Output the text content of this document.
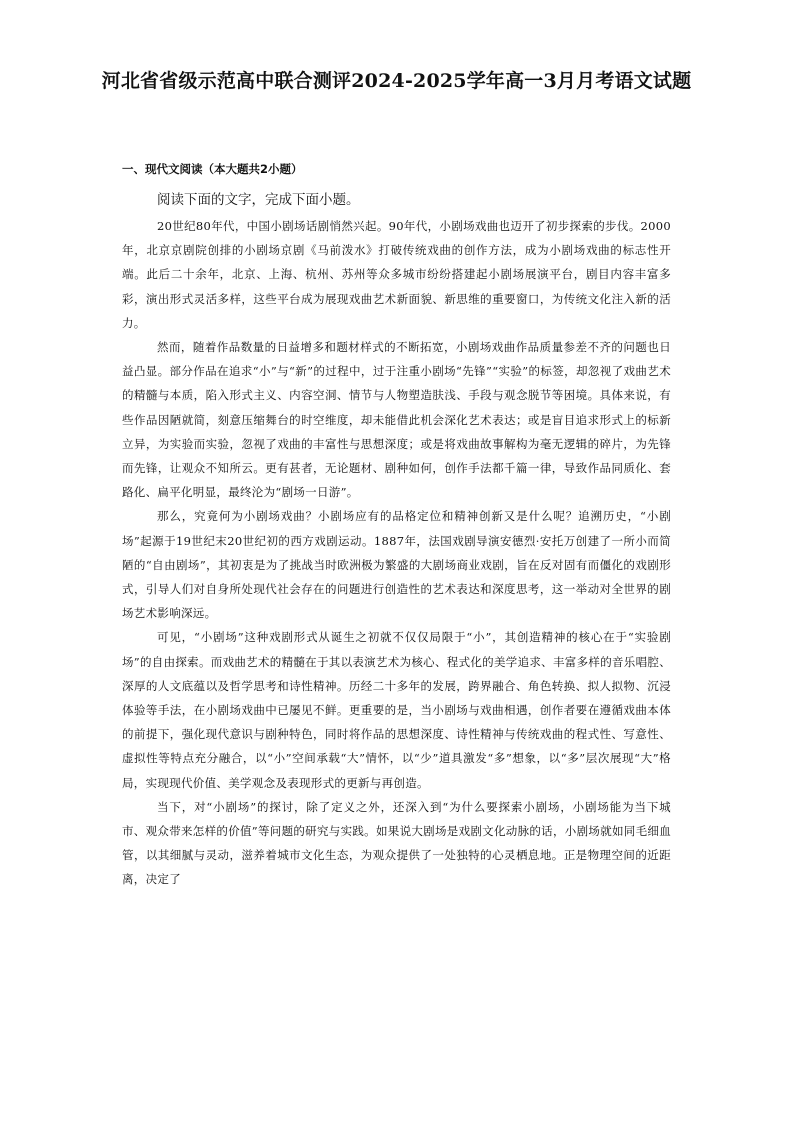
河北省省级示范高中联合测评2024-2025学年高一3月月考语文试题
一、现代文阅读（本大题共2小题）
阅读下面的文字，完成下面小题。

20世纪80年代，中国小剧场话剧悄然兴起。90年代，小剧场戏曲也迈开了初步探索的步伐。2000年，北京京剧院创排的小剧场京剧《马前泼水》打破传统戏曲的创作方法，成为小剧场戏曲的标志性开端。此后二十余年，北京、上海、杭州、苏州等众多城市纷纷搭建起小剧场展演平台，剧目内容丰富多彩，演出形式灵活多样，这些平台成为展现戏曲艺术新面貌、新思维的重要窗口，为传统文化注入新的活力。

然而，随着作品数量的日益增多和题材样式的不断拓宽，小剧场戏曲作品质量参差不齐的问题也日益凸显。部分作品在追求“小”与“新”的过程中，过于注重小剧场“先锋”“实验”的标签，却忽视了戏曲艺术的精髓与本质，陷入形式主义、内容空洞、情节与人物塑造肤浅、手段与观念脱节等困境。具体来说，有些作品因陋就简，刻意压缩舞台的时空维度，却未能借此机会深化艺术表达；或是盲目追求形式上的标新立异，为实验而实验，忽视了戏曲的丰富性与思想深度；或是将戏曲故事解构为毫无逻辑的碎片，为先锋而先锋，让观众不知所云。更有甚者，无论题材、剧种如何，创作手法都千篇一律，导致作品同质化、套路化、扁平化明显，最终沦为“剧场一日游”。

那么，究竟何为小剧场戏曲？小剧场应有的品格定位和精神创新又是什么呢？追溯历史，“小剧场”起源于19世纪末20世纪初的西方戏剧运动。1887年，法国戏剧导演安德烈·安托万创建了一所小而简陋的“自由剧场”，其初衷是为了挑战当时欧洲极为繁盛的大剧场商业戏剧，旨在反对固有而僵化的戏剧形式，引导人们对自身所处现代社会存在的问题进行创造性的艺术表达和深度思考，这一举动对全世界的剧场艺术影响深远。

可见，“小剧场”这种戏剧形式从诞生之初就不仅仅局限于“小”，其创造精神的核心在于“实验剧场”的自由探索。而戏曲艺术的精髓在于其以表演艺术为核心、程式化的美学追求、丰富多样的音乐唱腔、深厚的人文底蕴以及哲学思考和诗性精神。历经二十多年的发展，跨界融合、角色转换、拟人拟物、沉浸体验等手法，在小剧场戏曲中已屡见不鲜。更重要的是，当小剧场与戏曲相遇，创作者要在遵循戏曲本体的前提下，强化现代意识与剧种特色，同时将作品的思想深度、诗性精神与传统戏曲的程式性、写意性、虚拟性等特点充分融合，以“小”空间承载“大”情怀，以“少”道具激发“多”想象，以“多”层次展现“大”格局，实现现代价值、美学观念及表现形式的更新与再创造。

当下，对“小剧场”的探讨，除了定义之外，还深入到“为什么要探索小剧场，小剧场能为当下城市、观众带来怎样的价值”等问题的研究与实践。如果说大剧场是戏剧文化动脉的话，小剧场就如同毛细血管，以其细腻与灵动，滋养着城市文化生态，为观众提供了一处独特的心灵栖息地。正是物理空间的近距离，决定了
